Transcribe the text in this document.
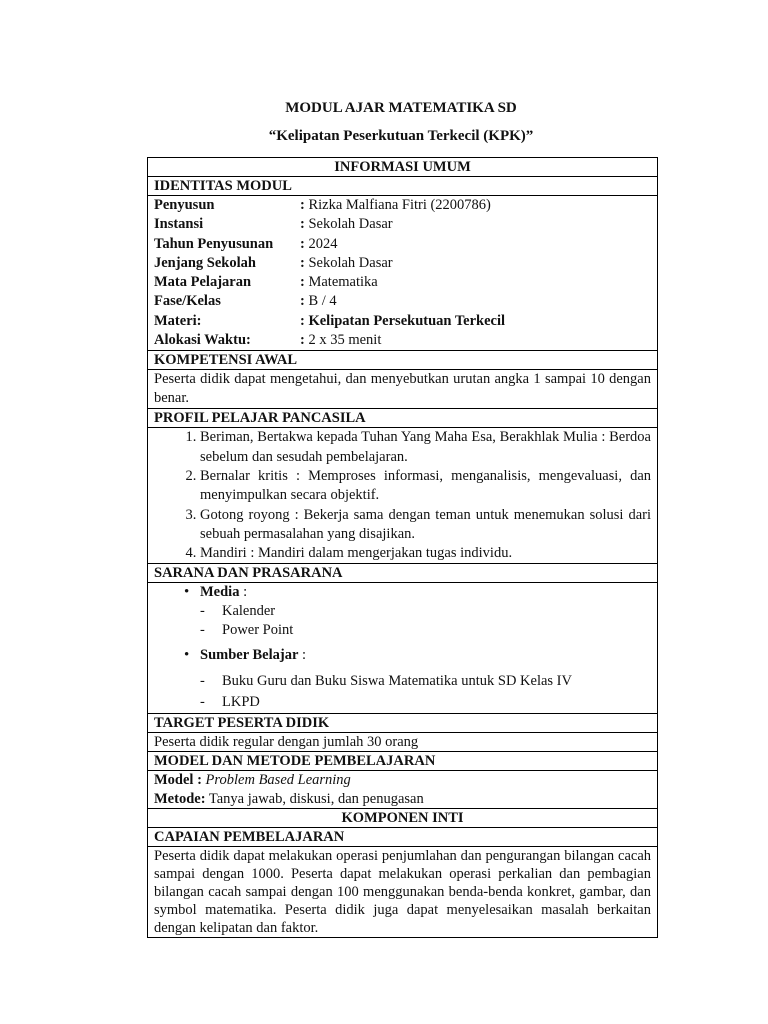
MODUL AJAR MATEMATIKA SD
“Kelipatan Peserkutuan Terkecil (KPK)”
INFORMASI UMUM
IDENTITAS MODUL

Penyusun	: Rizka Malfiana Fitri (2200786)
Instansi	: Sekolah Dasar
Tahun Penyusunan	: 2024
Jenjang Sekolah	: Sekolah Dasar
Mata Pelajaran	: Matematika
Fase/Kelas	: B / 4
Materi:	: Kelipatan Persekutuan Terkecil
Alokasi Waktu:	: 2 x 35 menit

KOMPETENSI AWAL
Peserta didik dapat mengetahui, dan menyebutkan urutan angka 1 sampai 10 dengan benar.
PROFIL PELAJAR PANCASILA

1. Beriman, Bertakwa kepada Tuhan Yang Maha Esa, Berakhlak Mulia : Berdoa sebelum dan sesudah pembelajaran.
2. Bernalar kritis : Memproses informasi, menganalisis, mengevaluasi, dan menyimpulkan secara objektif.
3. Gotong royong : Bekerja sama dengan teman untuk menemukan solusi dari sebuah permasalahan yang disajikan.
4. Mandiri : Mandiri dalam mengerjakan tugas individu.

SARANA DAN PRASARANA

• Media :
- Kalender
- Power Point
• Sumber Belajar :
- Buku Guru dan Buku Siswa Matematika untuk SD Kelas IV
- LKPD

TARGET PESERTA DIDIK
Peserta didik regular dengan jumlah 30 orang
MODEL DAN METODE PEMBELAJARAN

Model : Problem Based Learning
Metode: Tanya jawab, diskusi, dan penugasan

KOMPONEN INTI
CAPAIAN PEMBELAJARAN
Peserta didik dapat melakukan operasi penjumlahan dan pengurangan bilangan cacah sampai dengan 1000. Peserta dapat melakukan operasi perkalian dan pembagian bilangan cacah sampai dengan 100 menggunakan benda-benda konkret, gambar, dan symbol matematika. Peserta didik juga dapat menyelesaikan masalah berkaitan dengan kelipatan dan faktor.
